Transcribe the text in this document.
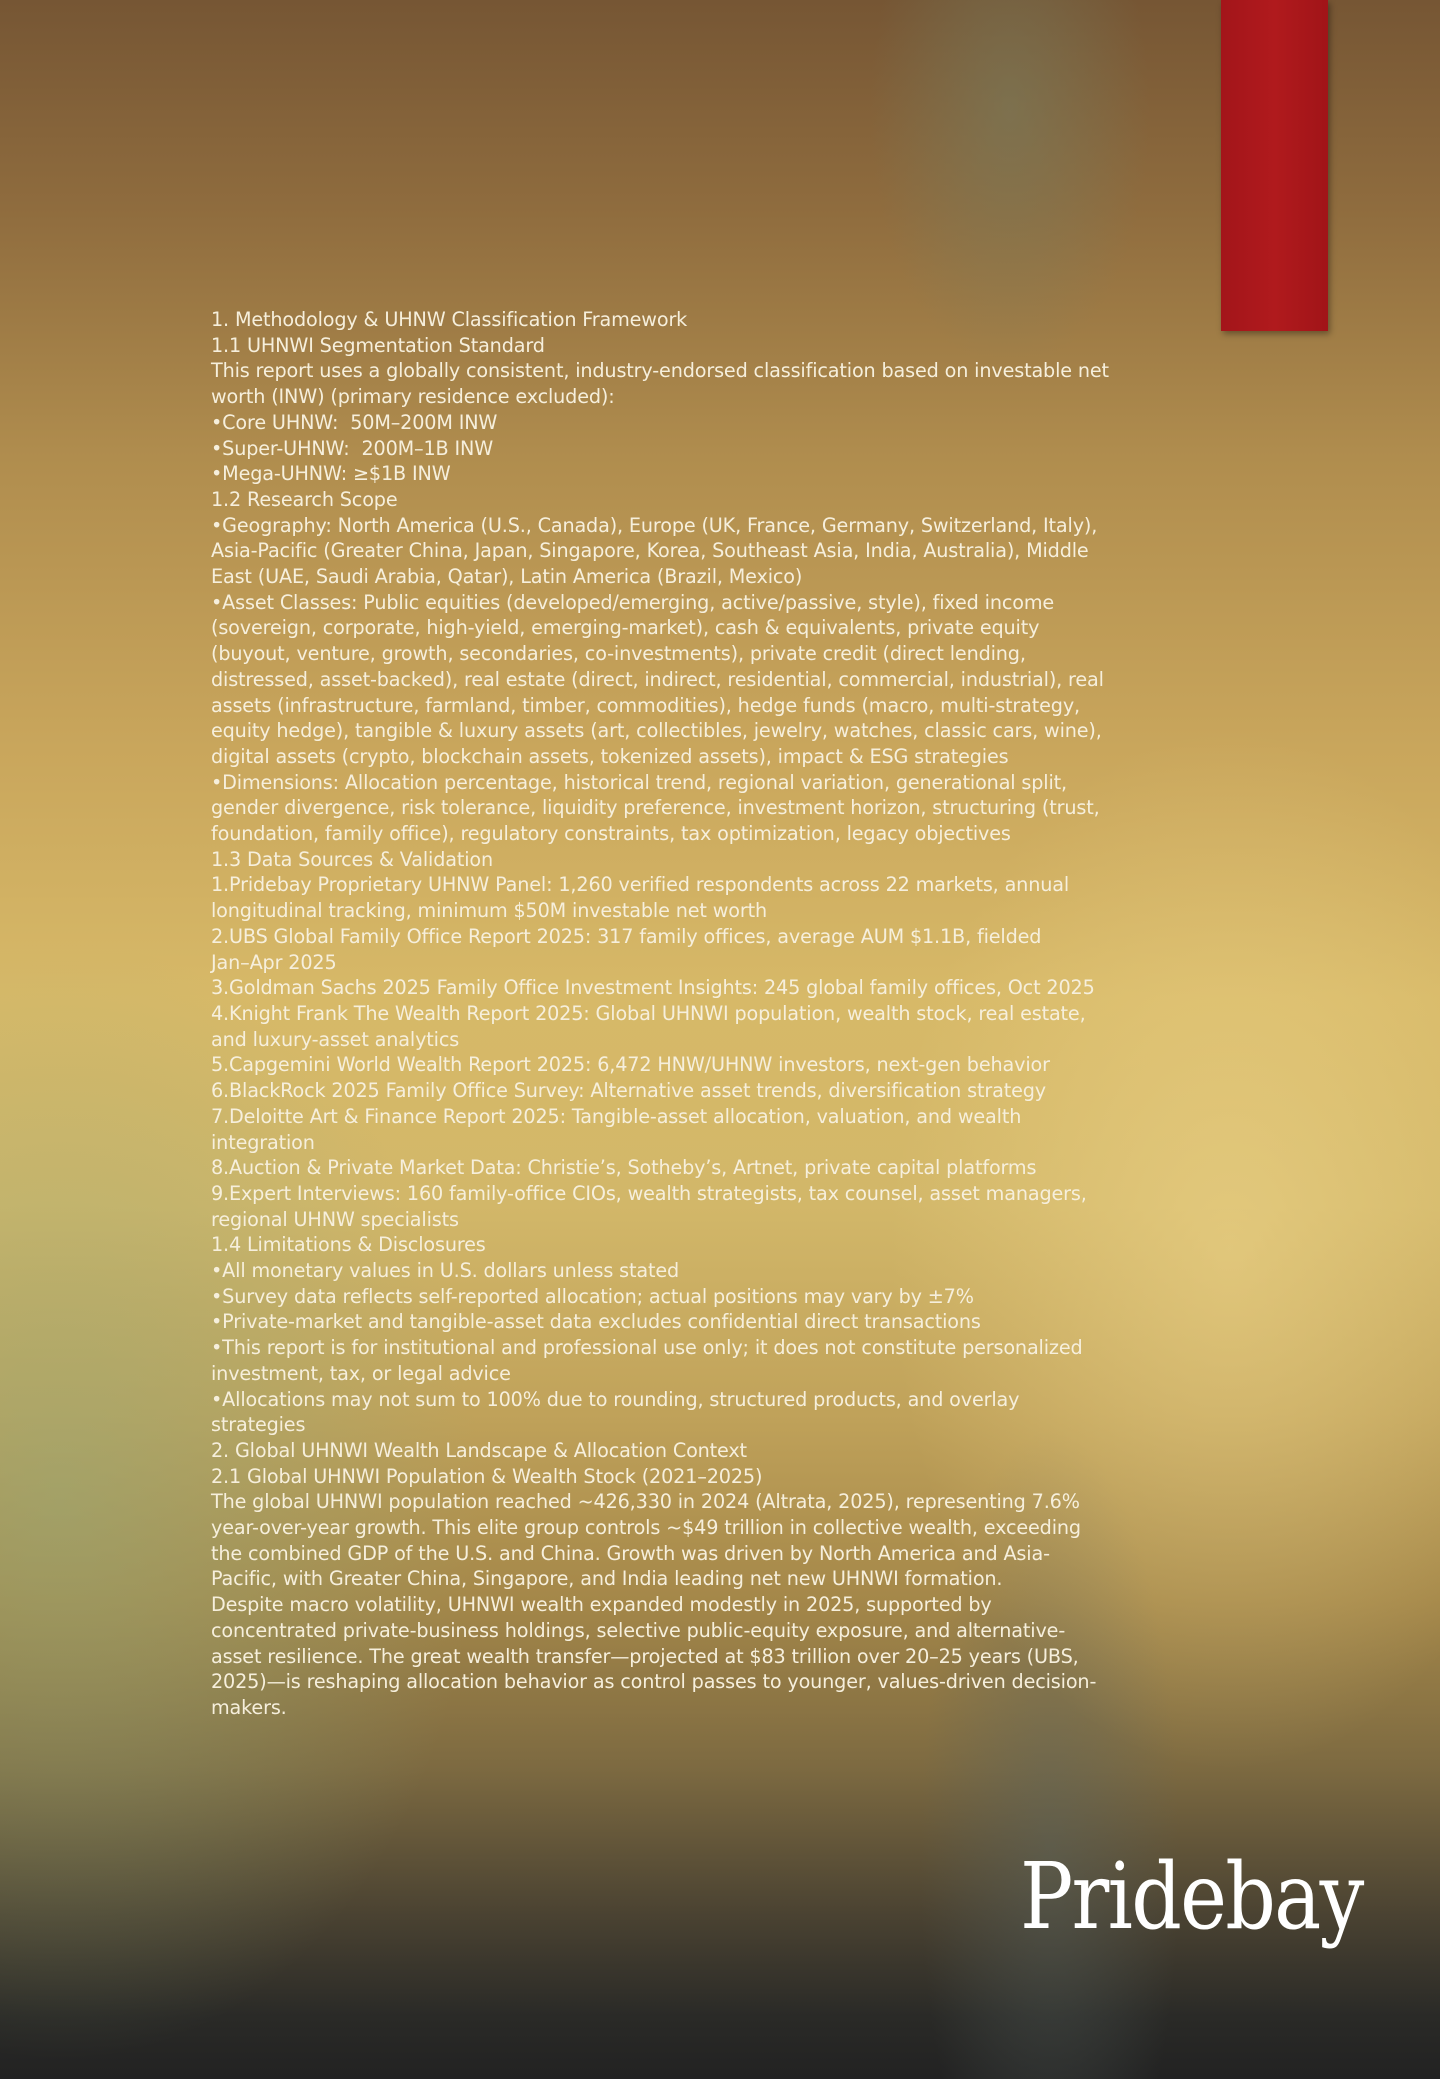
1. Methodology & UHNW Classification Framework
1.1 UHNWI Segmentation Standard
This report uses a globally consistent, industry-endorsed classification based on investable net
worth (INW) (primary residence excluded):
•Core UHNW:  50M–200M INW
•Super-UHNW:  200M–1B INW
•Mega-UHNW: ≥$1B INW
1.2 Research Scope
•Geography: North America (U.S., Canada), Europe (UK, France, Germany, Switzerland, Italy),
Asia-Pacific (Greater China, Japan, Singapore, Korea, Southeast Asia, India, Australia), Middle
East (UAE, Saudi Arabia, Qatar), Latin America (Brazil, Mexico)
•Asset Classes: Public equities (developed/emerging, active/passive, style), fixed income
(sovereign, corporate, high-yield, emerging-market), cash & equivalents, private equity
(buyout, venture, growth, secondaries, co-investments), private credit (direct lending,
distressed, asset-backed), real estate (direct, indirect, residential, commercial, industrial), real
assets (infrastructure, farmland, timber, commodities), hedge funds (macro, multi-strategy,
equity hedge), tangible & luxury assets (art, collectibles, jewelry, watches, classic cars, wine),
digital assets (crypto, blockchain assets, tokenized assets), impact & ESG strategies
•Dimensions: Allocation percentage, historical trend, regional variation, generational split,
gender divergence, risk tolerance, liquidity preference, investment horizon, structuring (trust,
foundation, family office), regulatory constraints, tax optimization, legacy objectives
1.3 Data Sources & Validation
1.Pridebay Proprietary UHNW Panel: 1,260 verified respondents across 22 markets, annual
longitudinal tracking, minimum $50M investable net worth
2.UBS Global Family Office Report 2025: 317 family offices, average AUM $1.1B, fielded
Jan–Apr 2025
3.Goldman Sachs 2025 Family Office Investment Insights: 245 global family offices, Oct 2025
4.Knight Frank The Wealth Report 2025: Global UHNWI population, wealth stock, real estate,
and luxury-asset analytics
5.Capgemini World Wealth Report 2025: 6,472 HNW/UHNW investors, next-gen behavior
6.BlackRock 2025 Family Office Survey: Alternative asset trends, diversification strategy
7.Deloitte Art & Finance Report 2025: Tangible-asset allocation, valuation, and wealth
integration
8.Auction & Private Market Data: Christie’s, Sotheby’s, Artnet, private capital platforms
9.Expert Interviews: 160 family-office CIOs, wealth strategists, tax counsel, asset managers,
regional UHNW specialists
1.4 Limitations & Disclosures
•All monetary values in U.S. dollars unless stated
•Survey data reflects self-reported allocation; actual positions may vary by ±7%
•Private-market and tangible-asset data excludes confidential direct transactions
•This report is for institutional and professional use only; it does not constitute personalized
investment, tax, or legal advice
•Allocations may not sum to 100% due to rounding, structured products, and overlay
strategies
2. Global UHNWI Wealth Landscape & Allocation Context
2.1 Global UHNWI Population & Wealth Stock (2021–2025)
The global UHNWI population reached ~426,330 in 2024 (Altrata, 2025), representing 7.6%
year-over-year growth. This elite group controls ~$49 trillion in collective wealth, exceeding
the combined GDP of the U.S. and China. Growth was driven by North America and Asia-
Pacific, with Greater China, Singapore, and India leading net new UHNWI formation.
Despite macro volatility, UHNWI wealth expanded modestly in 2025, supported by
concentrated private-business holdings, selective public-equity exposure, and alternative-
asset resilience. The great wealth transfer—projected at $83 trillion over 20–25 years (UBS,
2025)—is reshaping allocation behavior as control passes to younger, values-driven decision-
makers.
Pridebay
